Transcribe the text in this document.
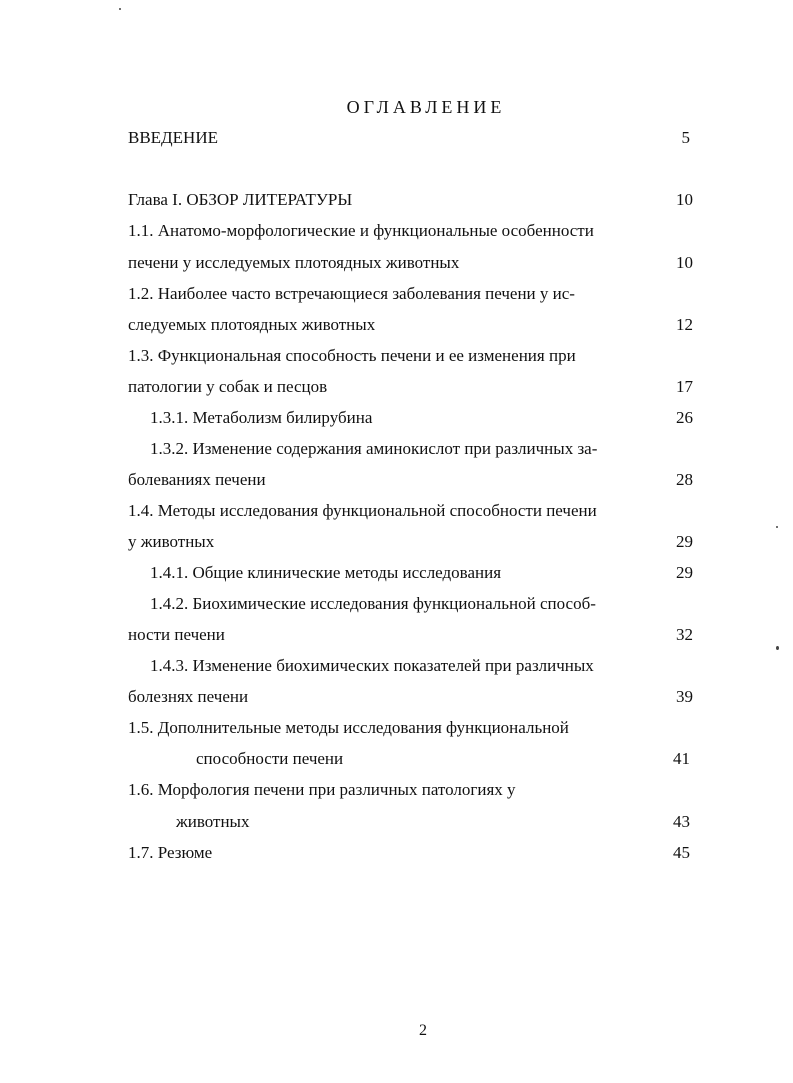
ОГЛАВЛЕНИЕ
ВВЕДЕНИЕ	5
Глава I. ОБЗОР ЛИТЕРАТУРЫ	10
1.1. Анатомо-морфологические и функциональные особенности
печени у исследуемых плотоядных животных	10
1.2. Наиболее часто встречающиеся заболевания печени у ис-
следуемых плотоядных животных	12
1.3. Функциональная способность печени и ее изменения при
патологии у собак и песцов	17
1.3.1. Метаболизм билирубина	26
1.3.2. Изменение содержания аминокислот при различных за-
болеваниях печени	28
1.4. Методы исследования функциональной способности печени
у животных	29
1.4.1. Общие клинические методы исследования	29
1.4.2. Биохимические исследования функциональной способ-
ности печени	32
1.4.3. Изменение биохимических показателей при различных
болезнях печени	39
1.5. Дополнительные методы исследования функциональной
способности печени	41
1.6. Морфология печени при различных патологиях у
животных	43
1.7. Резюме	45
2
